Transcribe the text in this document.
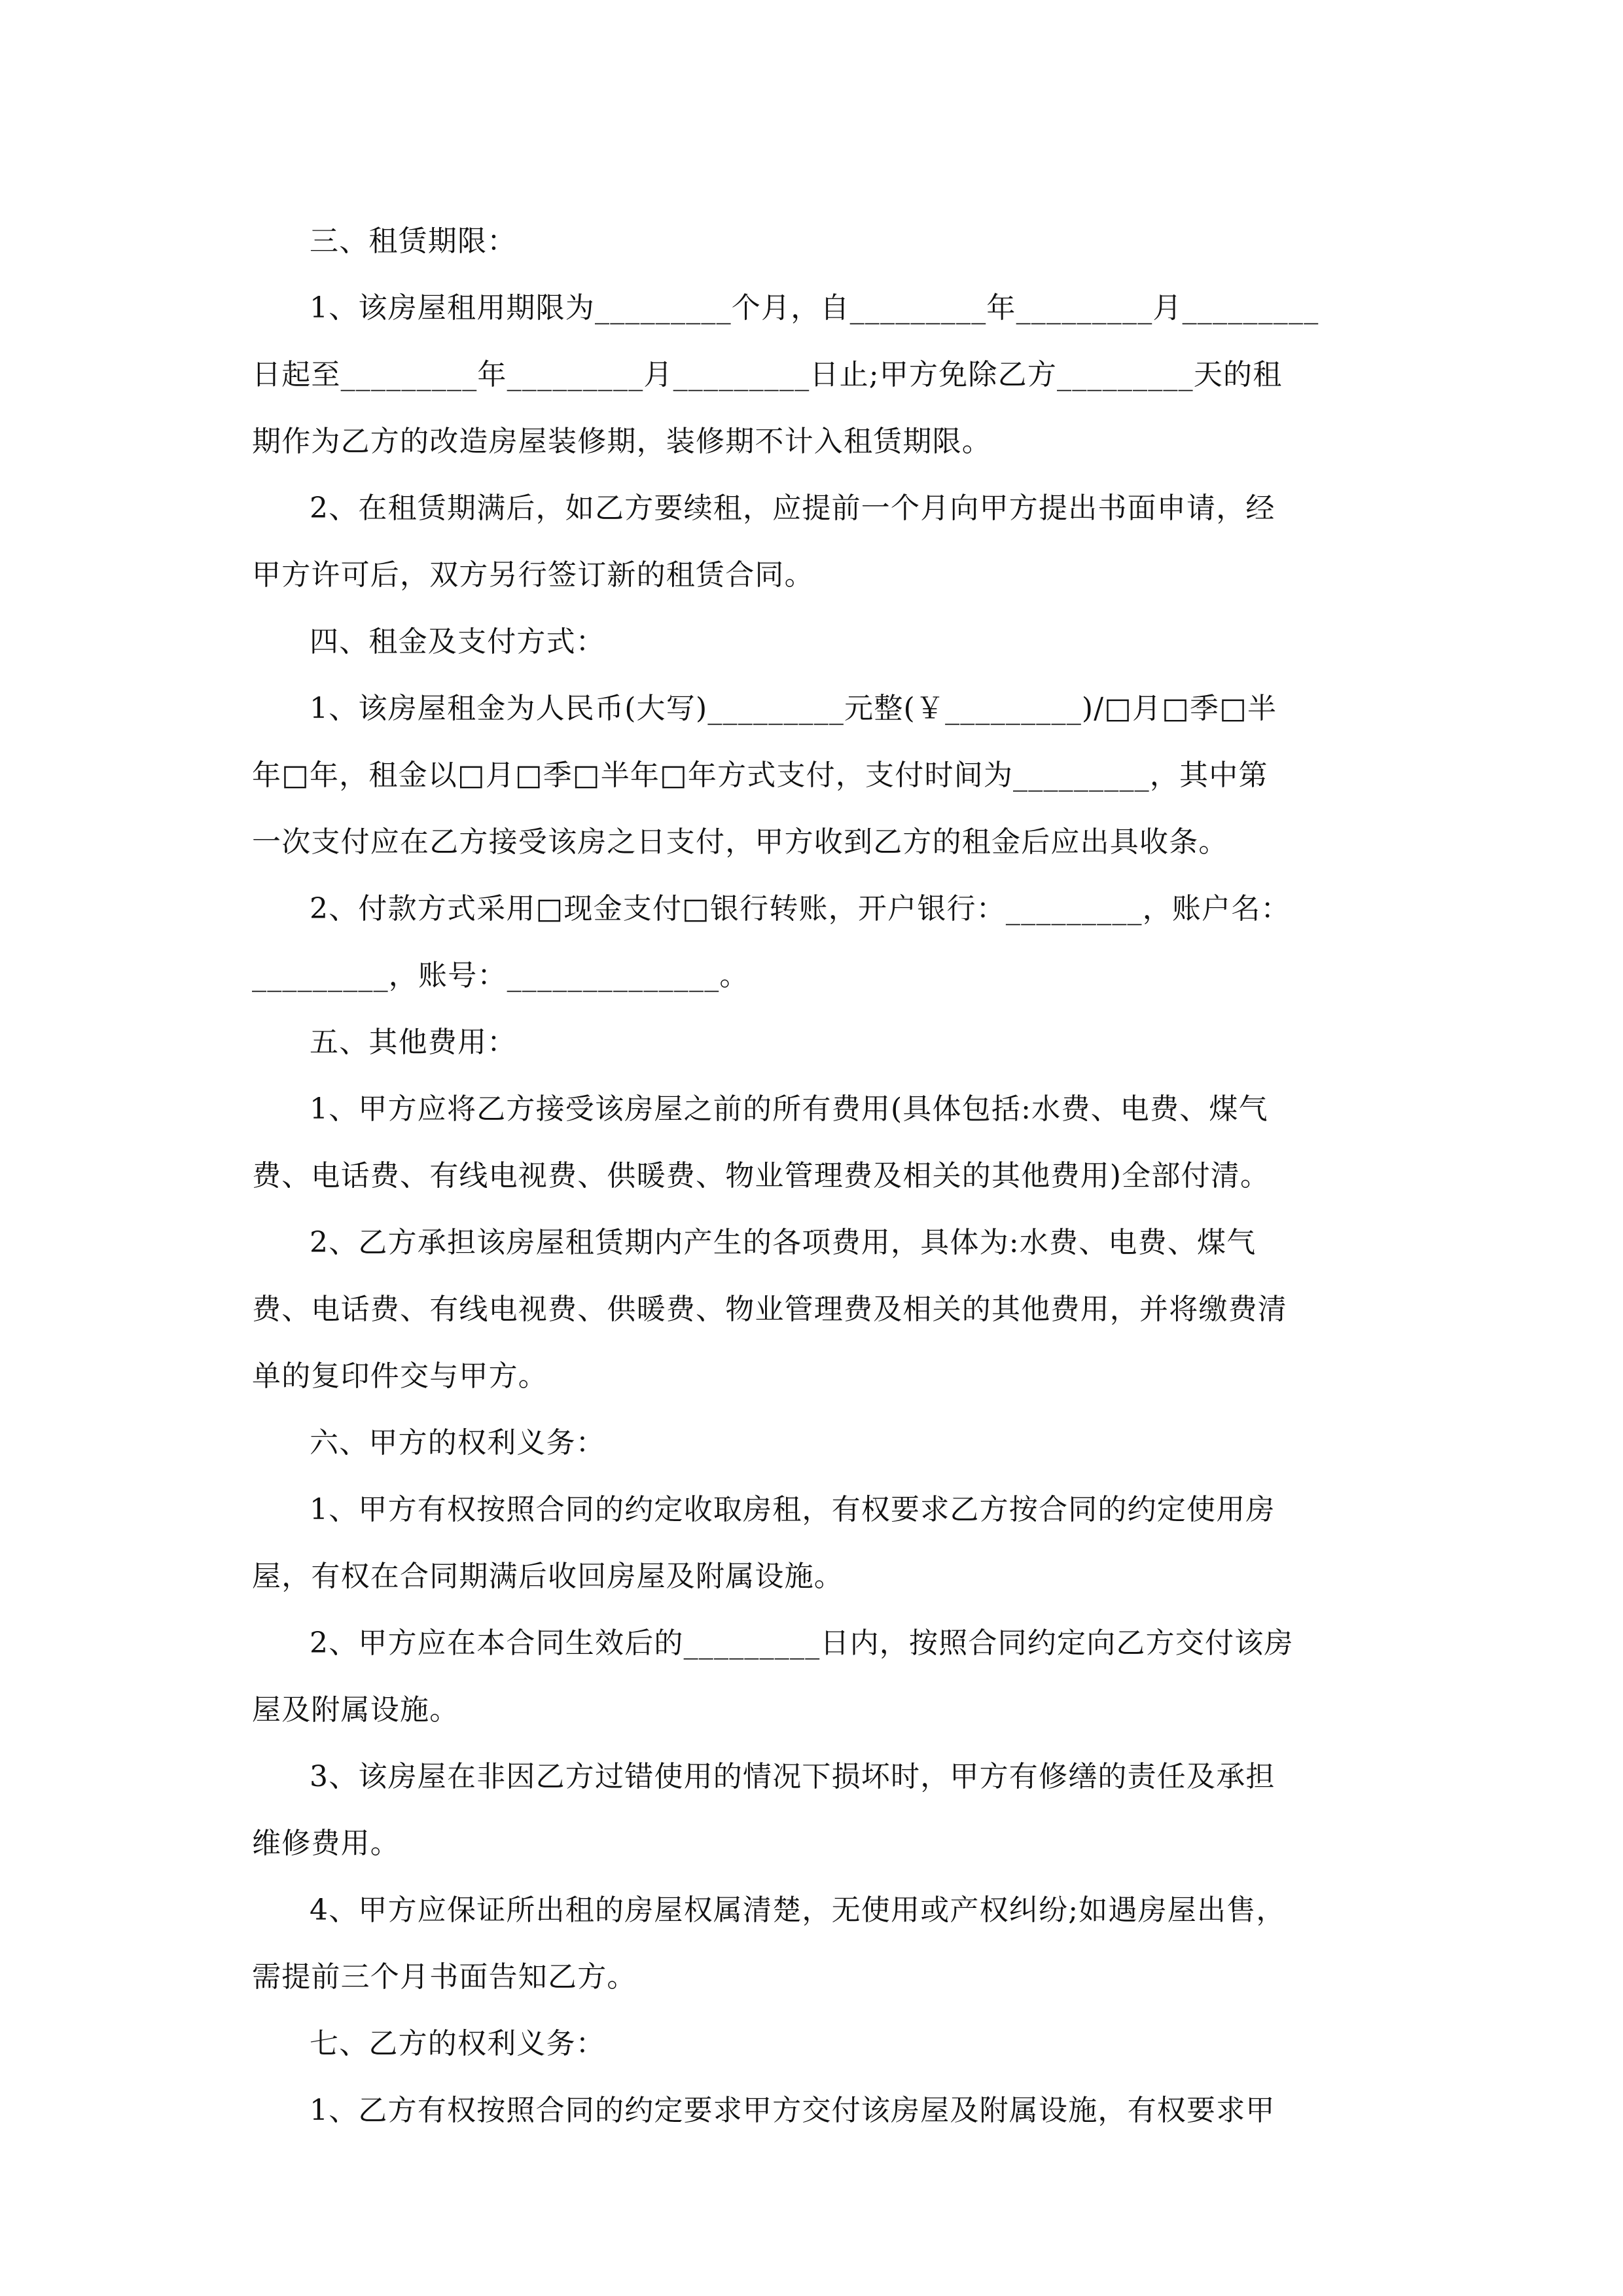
三、租赁期限：

1、该房屋租用期限为_________个月，自_________年_________月_________
日起至_________年_________月_________日止;甲方免除乙方_________天的租
期作为乙方的改造房屋装修期，装修期不计入租赁期限。

2、在租赁期满后，如乙方要续租，应提前一个月向甲方提出书面申请，经
甲方许可后，双方另行签订新的租赁合同。

四、租金及支付方式：

1、该房屋租金为人民币(大写)_________元整(￥_________)/□月□季□半
年□年，租金以□月□季□半年□年方式支付，支付时间为_________，其中第
一次支付应在乙方接受该房之日支付，甲方收到乙方的租金后应出具收条。

2、付款方式采用□现金支付□银行转账，开户银行：_________，账户名：
_________，账号：______________。

五、其他费用：

1、甲方应将乙方接受该房屋之前的所有费用(具体包括:水费、电费、煤气
费、电话费、有线电视费、供暖费、物业管理费及相关的其他费用)全部付清。

2、乙方承担该房屋租赁期内产生的各项费用，具体为:水费、电费、煤气
费、电话费、有线电视费、供暖费、物业管理费及相关的其他费用，并将缴费清
单的复印件交与甲方。

六、甲方的权利义务：

1、甲方有权按照合同的约定收取房租，有权要求乙方按合同的约定使用房
屋，有权在合同期满后收回房屋及附属设施。

2、甲方应在本合同生效后的_________日内，按照合同约定向乙方交付该房
屋及附属设施。

3、该房屋在非因乙方过错使用的情况下损坏时，甲方有修缮的责任及承担
维修费用。

4、甲方应保证所出租的房屋权属清楚，无使用或产权纠纷;如遇房屋出售，
需提前三个月书面告知乙方。

七、乙方的权利义务：

1、乙方有权按照合同的约定要求甲方交付该房屋及附属设施，有权要求甲
